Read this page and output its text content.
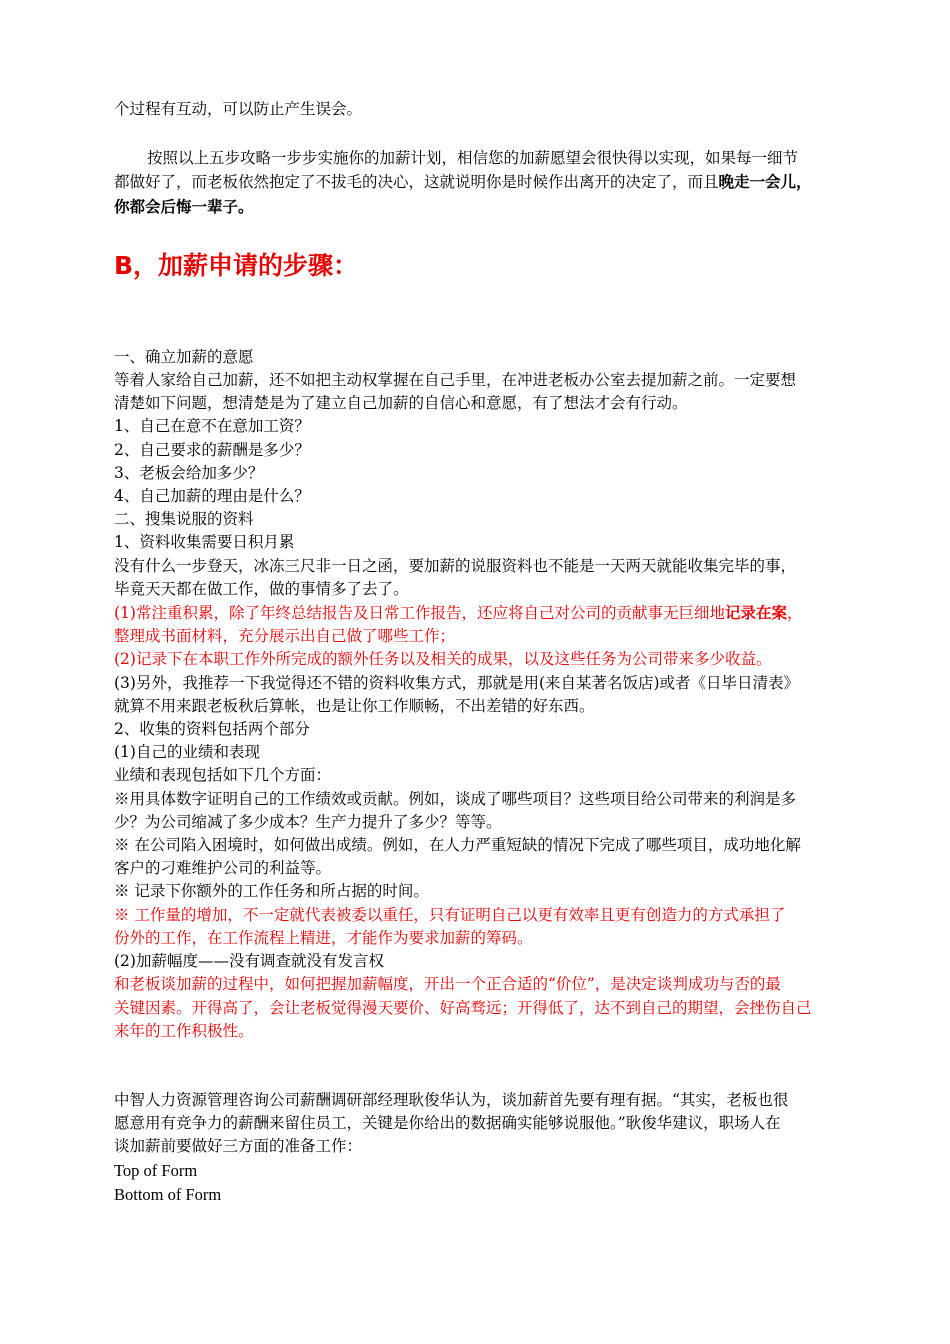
个过程有互动，可以防止产生误会。
按照以上五步攻略一步步实施你的加薪计划，相信您的加薪愿望会很快得以实现，如果每一细节
都做好了，而老板依然抱定了不拔毛的决心，这就说明你是时候作出离开的决定了，而且晚走一会儿，
你都会后悔一辈子。
B，加薪申请的步骤：
一、确立加薪的意愿
等着人家给自己加薪，还不如把主动权掌握在自己手里，在冲进老板办公室去提加薪之前。一定要想
清楚如下问题，想清楚是为了建立自己加薪的自信心和意愿，有了想法才会有行动。
1、自己在意不在意加工资？
2、自己要求的薪酬是多少？
3、老板会给加多少？
4、自己加薪的理由是什么？
二、搜集说服的资料
1、资料收集需要日积月累
没有什么一步登天，冰冻三尺非一日之函，要加薪的说服资料也不能是一天两天就能收集完毕的事，
毕竟天天都在做工作，做的事情多了去了。
(1)常注重积累，除了年终总结报告及日常工作报告，还应将自己对公司的贡献事无巨细地记录在案，
整理成书面材料，充分展示出自己做了哪些工作；
(2)记录下在本职工作外所完成的额外任务以及相关的成果，以及这些任务为公司带来多少收益。
(3)另外，我推荐一下我觉得还不错的资料收集方式，那就是用(来自某著名饭店)或者《日毕日清表》
就算不用来跟老板秋后算帐，也是让你工作顺畅，不出差错的好东西。
2、收集的资料包括两个部分
(1)自己的业绩和表现
业绩和表现包括如下几个方面：
※用具体数字证明自己的工作绩效或贡献。例如，谈成了哪些项目？这些项目给公司带来的利润是多
少？为公司缩减了多少成本？生产力提升了多少？等等。
※ 在公司陷入困境时，如何做出成绩。例如，在人力严重短缺的情况下完成了哪些项目，成功地化解
客户的刁难维护公司的利益等。
※ 记录下你额外的工作任务和所占据的时间。
※ 工作量的增加，不一定就代表被委以重任，只有证明自己以更有效率且更有创造力的方式承担了
份外的工作，在工作流程上精进，才能作为要求加薪的筹码。
(2)加薪幅度——没有调查就没有发言权
和老板谈加薪的过程中，如何把握加薪幅度，开出一个正合适的“价位”，是决定谈判成功与否的最
关键因素。开得高了，会让老板觉得漫天要价、好高骛远；开得低了，达不到自己的期望，会挫伤自己
来年的工作积极性。
中智人力资源管理咨询公司薪酬调研部经理耿俊华认为，谈加薪首先要有理有据。“其实，老板也很
愿意用有竞争力的薪酬来留住员工，关键是你给出的数据确实能够说服他。”耿俊华建议，职场人在
谈加薪前要做好三方面的准备工作：
Top of Form
Bottom of Form
